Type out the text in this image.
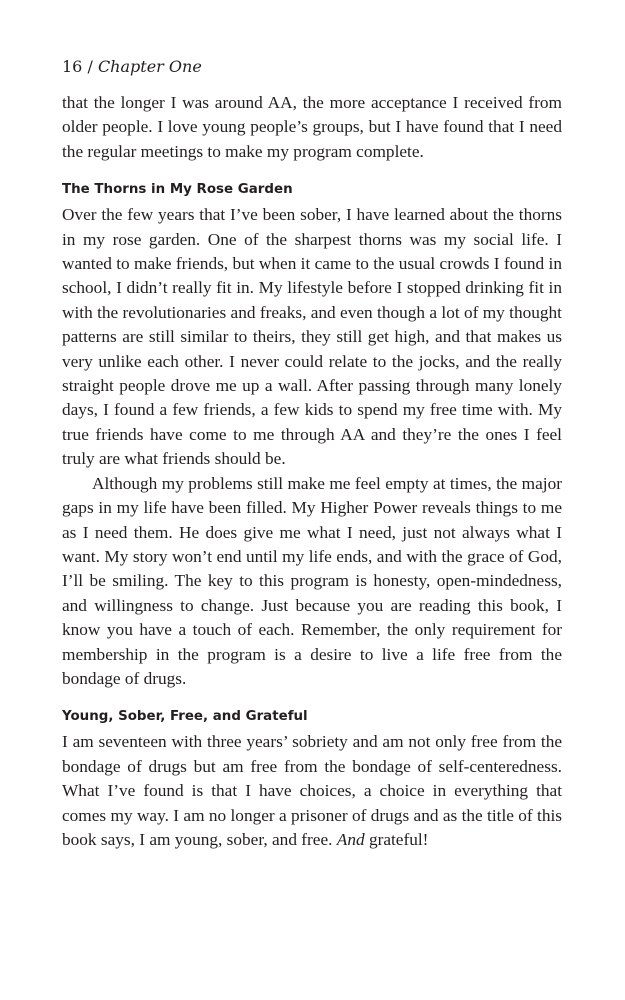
16 / Chapter One

that the longer I was around AA, the more acceptance I received from older people. I love young people’s groups, but I have found that I need the regular meetings to make my program complete.

The Thorns in My Rose Garden

Over the few years that I’ve been sober, I have learned about the thorns in my rose garden. One of the sharpest thorns was my social life. I wanted to make friends, but when it came to the usual crowds I found in school, I didn’t really fit in. My lifestyle before I stopped drinking fit in with the revolutionaries and freaks, and even though a lot of my thought patterns are still similar to theirs, they still get high, and that makes us very unlike each other. I never could relate to the jocks, and the really straight people drove me up a wall. After passing through many lonely days, I found a few friends, a few kids to spend my free time with. My true friends have come to me through AA and they’re the ones I feel truly are what friends should be.

Although my problems still make me feel empty at times, the major gaps in my life have been filled. My Higher Power reveals things to me as I need them. He does give me what I need, just not always what I want. My story won’t end until my life ends, and with the grace of God, I’ll be smiling. The key to this program is honesty, open-mindedness, and willingness to change. Just because you are reading this book, I know you have a touch of each. Remember, the only requirement for membership in the program is a desire to live a life free from the bondage of drugs.

Young, Sober, Free, and Grateful

I am seventeen with three years’ sobriety and am not only free from the bondage of drugs but am free from the bondage of self-centeredness. What I’ve found is that I have choices, a choice in everything that comes my way. I am no longer a prisoner of drugs and as the title of this book says, I am young, sober, and free. And grateful!
